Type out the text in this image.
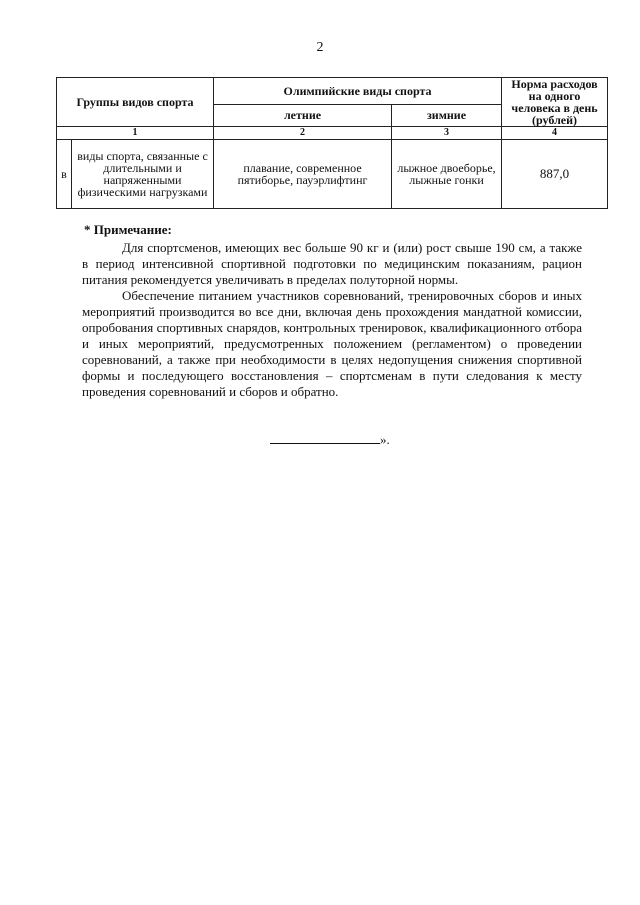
2
Группы видов спорта		Олимпийские виды спорта		Норма расходов на одного человека в день (рублей)
		летние	зимние	
1		2	3	4
в	виды спорта, связанные с длительными и напряженными физическими нагрузками	плавание, современное пятиборье, пауэрлифтинг	лыжное двоеборье, лыжные гонки	887,0
* Примечание:

Для спортсменов, имеющих вес больше 90 кг и (или) рост свыше 190 см, а также в период интенсивной спортивной подготовки по медицинским показаниям, рацион питания рекомендуется увеличивать в пределах полуторной нормы.

Обеспечение питанием участников соревнований, тренировочных сборов и иных мероприятий производится во все дни, включая день прохождения мандатной комиссии, опробования спортивных снарядов, контрольных тренировок, квалификационного отбора и иных мероприятий, предусмотренных положением (регламентом) о проведении соревнований, а также при необходимости в целях недопущения снижения спортивной формы и последующего восстановления – спортсменам в пути следования к месту проведения соревнований и сборов и обратно.

».
